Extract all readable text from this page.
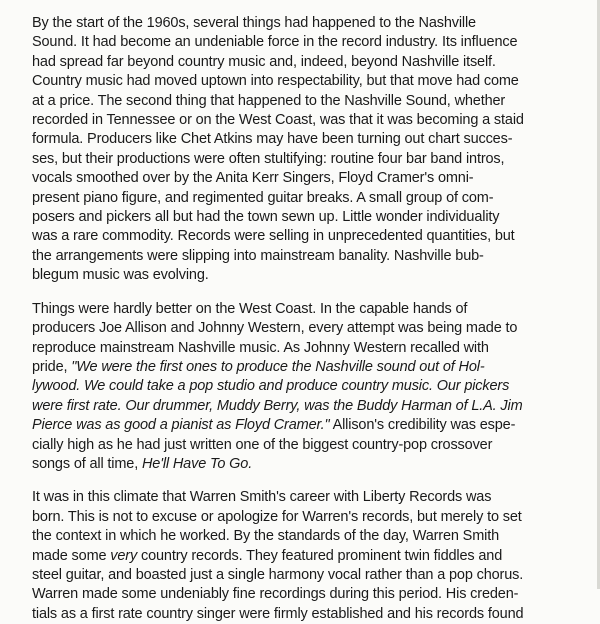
By the start of the 1960s, several things had happened to the Nashville
Sound. It had become an undeniable force in the record industry. Its influence
had spread far beyond country music and, indeed, beyond Nashville itself.
Country music had moved uptown into respectability, but that move had come
at a price. The second thing that happened to the Nashville Sound, whether
recorded in Tennessee or on the West Coast, was that it was becoming a staid
formula. Producers like Chet Atkins may have been turning out chart succes-
ses, but their productions were often stultifying: routine four bar band intros,
vocals smoothed over by the Anita Kerr Singers, Floyd Cramer's omni-
present piano figure, and regimented guitar breaks. A small group of com-
posers and pickers all but had the town sewn up. Little wonder individuality
was a rare commodity. Records were selling in unprecedented quantities, but
the arrangements were slipping into mainstream banality. Nashville bub-
blegum music was evolving.

Things were hardly better on the West Coast. In the capable hands of
producers Joe Allison and Johnny Western, every attempt was being made to
reproduce mainstream Nashville music. As Johnny Western recalled with
pride, "We were the first ones to produce the Nashville sound out of Hol-
lywood. We could take a pop studio and produce country music. Our pickers
were first rate. Our drummer, Muddy Berry, was the Buddy Harman of L.A. Jim
Pierce was as good a pianist as Floyd Cramer." Allison's credibility was espe-
cially high as he had just written one of the biggest country-pop crossover
songs of all time, He'll Have To Go.

It was in this climate that Warren Smith's career with Liberty Records was
born. This is not to excuse or apologize for Warren's records, but merely to set
the context in which he worked. By the standards of the day, Warren Smith
made some very country records. They featured prominent twin fiddles and
steel guitar, and boasted just a single harmony vocal rather than a pop chorus.
Warren made some undeniably fine recordings during this period. His creden-
tials as a first rate country singer were firmly established and his records found
